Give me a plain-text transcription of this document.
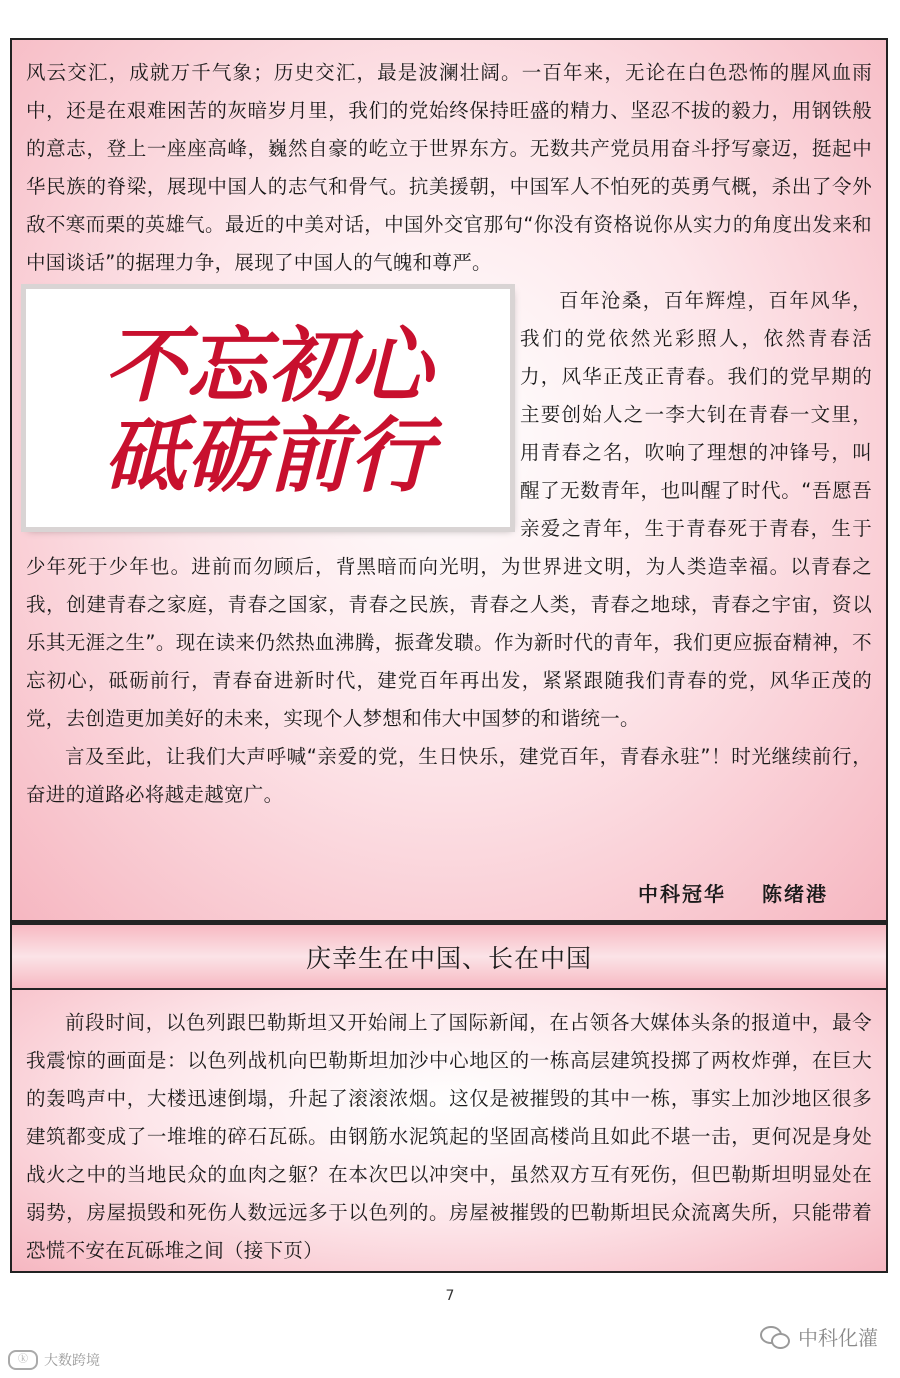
风云交汇，成就万千气象；历史交汇，最是波澜壮阔。一百年来，无论在白色恐怖的腥风血雨中，还是在艰难困苦的灰暗岁月里，我们的党始终保持旺盛的精力、坚忍不拔的毅力，用钢铁般的意志，登上一座座高峰，巍然自豪的屹立于世界东方。无数共产党员用奋斗抒写豪迈，挺起中华民族的脊梁，展现中国人的志气和骨气。抗美援朝，中国军人不怕死的英勇气概，杀出了令外敌不寒而栗的英雄气。最近的中美对话，中国外交官那句“你没有资格说你从实力的角度出发来和中国谈话”的据理力争，展现了中国人的气魄和尊严。

不忘初心
砥砺前行

百年沧桑，百年辉煌，百年风华，我们的党依然光彩照人，依然青春活力，风华正茂正青春。我们的党早期的主要创始人之一李大钊在青春一文里，用青春之名，吹响了理想的冲锋号，叫醒了无数青年，也叫醒了时代。“吾愿吾亲爱之青年，生于青春死于青春，生于少年死于少年也。进前而勿顾后，背黑暗而向光明，为世界进文明，为人类造幸福。以青春之我，创建青春之家庭，青春之国家，青春之民族，青春之人类，青春之地球，青春之宇宙，资以乐其无涯之生”。现在读来仍然热血沸腾，振聋发聩。作为新时代的青年，我们更应振奋精神，不忘初心，砥砺前行，青春奋进新时代，建党百年再出发，紧紧跟随我们青春的党，风华正茂的党，去创造更加美好的未来，实现个人梦想和伟大中国梦的和谐统一。

言及至此，让我们大声呼喊“亲爱的党，生日快乐，建党百年，青春永驻”！时光继续前行，奋进的道路必将越走越宽广。

中科冠华 陈绪港
庆幸生在中国、长在中国

前段时间，以色列跟巴勒斯坦又开始闹上了国际新闻，在占领各大媒体头条的报道中，最令我震惊的画面是：以色列战机向巴勒斯坦加沙中心地区的一栋高层建筑投掷了两枚炸弹，在巨大的轰鸣声中，大楼迅速倒塌，升起了滚滚浓烟。这仅是被摧毁的其中一栋，事实上加沙地区很多建筑都变成了一堆堆的碎石瓦砾。由钢筋水泥筑起的坚固高楼尚且如此不堪一击，更何况是身处战火之中的当地民众的血肉之躯？在本次巴以冲突中，虽然双方互有死伤，但巴勒斯坦明显处在弱势，房屋损毁和死伤人数远远多于以色列的。房屋被摧毁的巴勒斯坦民众流离失所，只能带着恐慌不安在瓦砾堆之间（接下页）

7
中科化灌
ⓚ	大数跨境
